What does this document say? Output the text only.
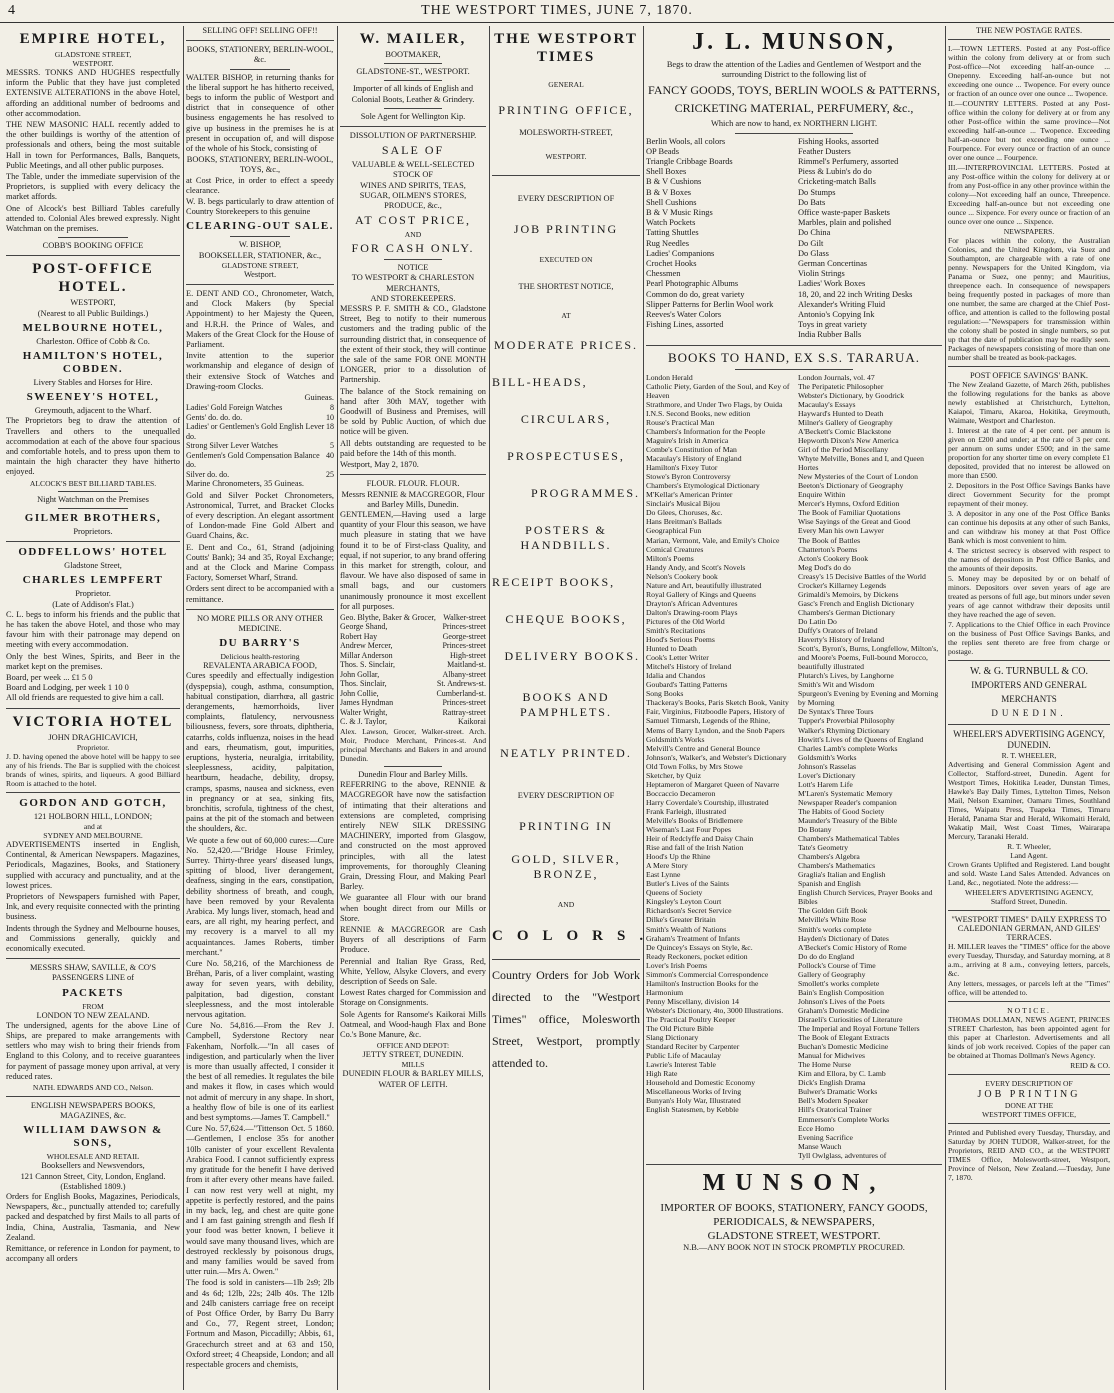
4	THE WESTPORT TIMES, JUNE 7, 1870.
EMPIRE HOTEL,
GLADSTONE STREET,
WESTPORT.
MESSRS. TONKS AND HUGHES respectfully inform the Public that they have just completed EXTENSIVE ALTERATIONS in the above Hotel, affording an additional number of bedrooms and other accommodation.
THE NEW MASONIC HALL recently added to the other buildings is worthy of the attention of professionals and others, being the most suitable Hall in town for Performances, Balls, Banquets, Public Meetings, and all other public purposes.
The Table, under the immediate supervision of the Proprietors, is supplied with every delicacy the market affords.
One of Alcock's best Billiard Tables carefully attended to. Colonial Ales brewed expressly. Night Watchman on the premises.
COBB'S BOOKING OFFICE
POST-OFFICE HOTEL.
WESTPORT,
(Nearest to all Public Buildings.)
MELBOURNE HOTEL,
Charleston. Office of Cobb & Co.
HAMILTON'S HOTEL, COBDEN.
Livery Stables and Horses for Hire.
SWEENEY'S HOTEL,
Greymouth, adjacent to the Wharf.
The Proprietors beg to draw the attention of Travellers and others to the unequalled accommodation at each of the above four spacious and comfortable hotels, and to press upon them to maintain the high character they have hitherto enjoyed.
ALCOCK'S BEST BILLIARD TABLES.
Night Watchman on the Premises
GILMER BROTHERS,
Proprietors.
ODDFELLOWS' HOTEL
Gladstone Street,
CHARLES LEMPFERT
Proprietor.
(Late of Addison's Flat.)
C. L. begs to inform his friends and the public that he has taken the above Hotel, and those who may favour him with their patronage may depend on meeting with every accommodation.
Only the best Wines, Spirits, and Beer in the market kept on the premises.
Board, per week ... £1 5 0
Board and Lodging, per week 1 10 0
All old friends are requested to give him a call.
VICTORIA HOTEL
JOHN DRAGHICAVICH,
Proprietor.
J. D. having opened the above hotel will be happy to see any of his friends. The Bar is supplied with the choicest brands of wines, spirits, and liqueurs. A good Billiard Room is attached to the hotel.
GORDON AND GOTCH,
121 HOLBORN HILL, LONDON;
and at
SYDNEY AND MELBOURNE.
ADVERTISEMENTS inserted in English, Continental, & American Newspapers. Magazines, Periodicals, Magazines, Books, and Stationery supplied with accuracy and punctuality, and at the lowest prices.
Proprietors of Newspapers furnished with Paper, Ink, and every requisite connected with the printing business.
Indents through the Sydney and Melbourne houses, and Commissions generally, quickly and economically executed.
MESSRS SHAW, SAVILLE, & CO'S PASSENGERS LINE of
PACKETS
FROM
LONDON TO NEW ZEALAND.
The undersigned, agents for the above Line of Ships, are prepared to make arrangements with settlers who may wish to bring their friends from England to this Colony, and to receive guarantees for payment of passage money upon arrival, at very reduced rates.
NATH. EDWARDS AND CO., Nelson.
ENGLISH NEWSPAPERS BOOKS, MAGAZINES, &c.
WILLIAM DAWSON & SONS,
WHOLESALE AND RETAIL
Booksellers and Newsvendors,
121 Cannon Street, City, London, England.
(Established 1809.)
Orders for English Books, Magazines, Periodicals, Newspapers, &c., punctually attended to; carefully packed and despatched by first Mails to all parts of India, China, Australia, Tasmania, and New Zealand.
Remittance, or reference in London for payment, to accompany all orders
SELLING OFF! SELLING OFF!!
BOOKS, STATIONERY, BERLIN-WOOL, &c.
WALTER BISHOP, in returning thanks for the liberal support he has hitherto received, begs to inform the public of Westport and district that in consequence of other business engagements he has resolved to give up business in the premises he is at present in occupation of, and will dispose of the whole of his Stock, consisting of
BOOKS, STATIONERY, BERLIN-WOOL, TOYS, &c.,
at Cost Price, in order to effect a speedy clearance.
W. B. begs particularly to draw attention of Country Storekeepers to this genuine
CLEARING-OUT SALE.
W. BISHOP,
BOOKSELLER, STATIONER, &c.,
GLADSTONE STREET,
Westport.
E. DENT AND CO., Chronometer, Watch, and Clock Makers (by Special Appointment) to her Majesty the Queen, and H.R.H. the Prince of Wales, and Makers of the Great Clock for the House of Parliament.
Invite attention to the superior workmanship and elegance of design of their extensive Stock of Watches and Drawing-room Clocks.
Guineas.
Ladies' Gold Foreign Watches	8
Gents' do. do. do.	10
Ladies' or Gentlemen's Gold English Lever do.	18
Strong Silver Lever Watches	5
Gentlemen's Gold Compensation Balance do.	40
Silver do. do.	25
Marine Chronometers, 35 Guineas.
Gold and Silver Pocket Chronometers, Astronomical, Turret, and Bracket Clocks of every description. An elegant assortment of London-made Fine Gold Albert and Guard Chains, &c.
E. Dent and Co., 61, Strand (adjoining Coutts' Bank); 34 and 35, Royal Exchange; and at the Clock and Marine Compass Factory, Somerset Wharf, Strand.
Orders sent direct to be accompanied with a remittance.
NO MORE PILLS OR ANY OTHER MEDICINE.
DU BARRY'S
Delicious health-restoring
REVALENTA ARABICA FOOD,
Cures speedily and effectually indigestion (dyspepsia), cough, asthma, consumption, habitual constipation, diarrhœa, all gastric derangements, hæmorrhoids, liver complaints, flatulency, nervousness biliousness, fevers, sore throats, diphtheria, catarrhs, colds influenza, noises in the head and ears, rheumatism, gout, impurities, eruptions, hysteria, neuralgia, irritability, sleeplessness, acidity, palpitation, heartburn, headache, debility, dropsy, cramps, spasms, nausea and sickness, even in pregnancy or at sea, sinking fits, bronchitis, scrofula, tightness of the chest, pains at the pit of the stomach and between the shoulders, &c.
We quote a few out of 60,000 cures:—Cure No. 52,420.—"Bridge House Frimley, Surrey. Thirty-three years' diseased lungs, spitting of blood, liver derangement, deafness, singing in the ears, constipation, debility shortness of breath, and cough, have been removed by your Revalenta Arabica. My lungs liver, stomach, head and ears, are all right, my hearing perfect, and my recovery is a marvel to all my acquaintances. James Roberts, timber merchant."
Cure No. 58,216, of the Marchioness de Bréhan, Paris, of a liver complaint, wasting away for seven years, with debility, palpitation, bad digestion, constant sleeplessness, and the most intolerable nervous agitation.
Cure No. 54,816.—From the Rev J. Campbell, Syderstone Rectory near Fakenham, Norfolk.—"In all cases of indigestion, and particularly when the liver is more than usually affected, I consider it the best of all remedies. It regulates the bile and makes it flow, in cases which would not admit of mercury in any shape. In short, a healthy flow of bile is one of its earliest and best symptoms.—James T. Campbell."
Cure No. 57,624.—"Tittenson Oct. 5 1860.—Gentlemen, I enclose 35s for another 10lb canister of your excellent Revalenta Arabica Food. I cannot sufficiently express my gratitude for the benefit I have derived from it after every other means have failed. I can now rest very well at night, my appetite is perfectly restored, and the pains in my back, leg, and chest are quite gone and I am fast gaining strength and flesh If your food was better known, I believe it would save many thousand lives, which are destroyed recklessly by poisonous drugs, and many families would be saved from utter ruin.—Mrs A. Owen."
The food is sold in canisters—1lb 2s9; 2lb and 4s 6d; 12lb, 22s; 24lb 40s. The 12lb and 24lb canisters carriage free on receipt of Post Office Order, by Barry Du Barry and Co., 77, Regent street, London; Fortnum and Mason, Piccadilly; Abbis, 61, Gracechurch street and at 63 and 150, Oxford street; 4 Cheapside, London; and all respectable grocers and chemists,
W. MAILER,
BOOTMAKER,
GLADSTONE-ST., WESTPORT.
Importer of all kinds of English and
Colonial Boots, Leather & Grindery.
Sole Agent for Wellington Kip.
DISSOLUTION OF PARTNERSHIP.
SALE OF
VALUABLE & WELL-SELECTED
STOCK OF
WINES AND SPIRITS, TEAS,
SUGAR, OILMEN'S STORES,
PRODUCE, &c.,
AT COST PRICE,
AND
FOR CASH ONLY.
NOTICE
TO WESTPORT & CHARLESTON
MERCHANTS,
AND STOREKEEPERS.
MESSRS P. F. SMITH & CO., Gladstone Street, Beg to notify to their numerous customers and the trading public of the surrounding district that, in consequence of the extent of their stock, they will continue the sale of the same FOR ONE MONTH LONGER, prior to a dissolution of Partnership.
The balance of the Stock remaining on hand after 30th MAY, together with Goodwill of Business and Premises, will be sold by Public Auction, of which due notice will be given.
All debts outstanding are requested to be paid before the 14th of this month.
Westport, May 2, 1870.
FLOUR. FLOUR. FLOUR.
Messrs RENNIE & MACGREGOR, Flour and Barley Mills, Dunedin.
GENTLEMEN,—Having used a large quantity of your Flour this season, we have much pleasure in stating that we have found it to be of First-class Quality, and equal, if not superior, to any brand offering in this market for strength, colour, and flavour. We have also disposed of same in small bags, and our customers unanimously pronounce it most excellent for all purposes.
Geo. Blythe, Baker & Grocer,	Walker-street
George Shand,	Princes-street
Robert Hay	George-street
Andrew Mercer,	Princes-street
Millar Anderson	High-street
Thos. S. Sinclair,	Maitland-st.
John Gollar,	Albany-street
Thos. Sinclair,	St. Andrews-st.
John Collie,	Cumberland-st.
James Hyndman	Princes-street
Walter Wright,	Rattray-street
C. & J. Taylor,	Kaikorai
Alex. Lawson, Grocer, Walker-street. Arch. Moir, Produce Merchant, Princes-st. And principal Merchants and Bakers in and around Dunedin.
Dunedin Flour and Barley Mills.
REFERRING to the above, RENNIE & MACGREGOR have now the satisfaction of intimating that their alterations and extensions are completed, comprising entirely NEW SILK DRESSING MACHINERY, imported from Glasgow, and constructed on the most approved principles, with all the latest improvements, for thoroughly Cleaning Grain, Dressing Flour, and Making Pearl Barley.
We guarantee all Flour with our brand when bought direct from our Mills or Store.
RENNIE & MACGREGOR are Cash Buyers of all descriptions of Farm Produce.
Perennial and Italian Rye Grass, Red, White, Yellow, Alsyke Clovers, and every description of Seeds on Sale.
Lowest Rates charged for Commission and Storage on Consignments.
Sole Agents for Ransome's Kaikorai Mills Oatmeal, and Wood-haugh Flax and Bone Co.'s Bone Manure, &c.
OFFICE AND DEPOT:
JETTY STREET, DUNEDIN.
MILLS
DUNEDIN FLOUR & BARLEY MILLS,
WATER OF LEITH.
THE WESTPORT TIMES
GENERAL
PRINTING OFFICE,
MOLESWORTH-STREET,
WESTPORT.
EVERY DESCRIPTION OF
JOB PRINTING
EXECUTED ON
THE SHORTEST NOTICE,
AT
MODERATE PRICES.
BILL-HEADS,
CIRCULARS,
PROSPECTUSES,
PROGRAMMES.
POSTERS & HANDBILLS.
RECEIPT BOOKS,
CHEQUE BOOKS,
DELIVERY BOOKS.
BOOKS AND PAMPHLETS.
NEATLY PRINTED.
EVERY DESCRIPTION OF
PRINTING IN
GOLD, SILVER, BRONZE,
AND
COLORS.
Country Orders for Job Work directed to the "Westport Times" office, Molesworth Street, Westport, promptly attended to.
J. L. MUNSON,
Begs to draw the attention of the Ladies and Gentlemen of Westport and the surrounding District to the following list of
FANCY GOODS, TOYS, BERLIN WOOLS & PATTERNS,
CRICKETING MATERIAL, PERFUMERY, &c.,
Which are now to hand, ex NORTHERN LIGHT.
Berlin Wools, all colors
OP Beads
Triangle Cribbage Boards
Shell Boxes
B & V Cushions
B & V Boxes
Shell Cushions
B & V Music Rings
Watch Pockets
Tatting Shuttles
Rug Needles
Ladies' Companions
Crochet Hooks
Chessmen
Pearl Photographic Albums
Common do do, great variety
Slipper Patterns for Berlin Wool work
Reeves's Water Colors
Fishing Lines, assorted
Fishing Hooks, assorted
Feather Dusters
Rimmel's Perfumery, assorted
Piess & Lubin's do do
Cricketing-match Balls
Do Stumps
Do Bats
Office waste-paper Baskets
Marbles, plain and polished
Do China
Do Gilt
Do Glass
German Concertinas
Violin Strings
Ladies' Work Boxes
18, 20, and 22 inch Writing Desks
Alexander's Writing Fluid
Antonio's Copying Ink
Toys in great variety
India Rubber Balls
BOOKS TO HAND, EX S.S. TARARUA.
London Herald
Catholic Piety, Garden of the Soul, and Key of Heaven
Strathmore, and Under Two Flags, by Ouida
I.N.S. Second Books, new edition
Rouse's Practical Man
Chambers's Information for the People
Maguire's Irish in America
Combe's Constitution of Man
Macaulay's History of England
Hamilton's Fixey Tutor
Stowe's Byron Controversy
Chambers's Etymological Dictionary
M'Kellar's American Printer
Sinclair's Musical Bijou
Do Glees, Choruses, &c.
Hans Breitman's Ballads
Geographical Fun
Marian, Vermont, Vale, and Emily's Choice
Comical Creatures
Milton's Poems
Handy Andy, and Scott's Novels
Nelson's Cookery book
Nature and Art, beautifully illustrated
Royal Gallery of Kings and Queens
Drayton's African Adventures
Dalton's Drawing-room Plays
Pictures of the Old World
Smith's Recitations
Hood's Serious Poems
Hunted to Death
Cook's Letter Writer
Mitchel's History of Ireland
Idalia and Chandos
Goubard's Tatting Patterns
Song Books
Thackeray's Books, Paris Sketch Book, Vanity Fair, Virginius, Fitzboodle Papers, History of Samuel Titmarsh, Legends of the Rhine, Mems of Barry Lyndon, and the Snob Papers
Goldsmith's Works
Melvill's Centre and General Bounce
Johnson's, Walker's, and Webster's Dictionary
Old Town Folks, by Mrs Stowe
Sketcher, by Quiz
Heptameron of Margaret Queen of Navarre
Boccaccio Decameron
Harry Coverdale's Courtship, illustrated
Frank Farleigh, illustrated
Melville's Books of Bridlemere
Wiseman's Last Four Popes
Heir of Redclyffe and Daisy Chain
Rise and fall of the Irish Nation
Hood's Up the Rhine
A Mere Story
East Lynne
Butler's Lives of the Saints
Queens of Society
Kingsley's Leyton Court
Richardson's Secret Service
Dilke's Greater Britain
Smith's Wealth of Nations
Graham's Treatment of Infants
De Quincey's Essays on Style, &c.
Ready Reckoners, pocket edition
Lover's Irish Poems
Simmon's Commercial Correspondence
Hamilton's Instruction Books for the Harmonium
Penny Miscellany, division 14
Webster's Dictionary, 4to, 3000 Illustrations.
The Practical Poultry Keeper
The Old Picture Bible
Slang Dictionary
Standard Reciter by Carpenter
Public Life of Macaulay
Lawrie's Interest Table
High Rate
Household and Domestic Economy
Miscellaneous Works of Irving
Bunyan's Holy War, Illustrated
English Statesmen, by Kebble
London Journals, vol. 47
The Peripatetic Philosopher
Webster's Dictionary, by Goodrick
Macaulay's Essays
Hayward's Hunted to Death
Milner's Gallery of Geography
A'Beckett's Comic Blackstone
Hepworth Dixon's New America
Girl of the Period Miscellany
Whyte Melville, Bones and I, and Queen Hortes
New Mysteries of the Court of London
Beeton's Dictionary of Geography
Enquire Within
Mercer's Hymns, Oxford Edition
The Book of Familiar Quotations
Wise Sayings of the Great and Good
Every Man his own Lawyer
The Book of Battles
Chatterton's Poems
Acton's Cookery Book
Meg Dod's do do
Creasy's 15 Decisive Battles of the World
Crocker's Killarney Legends
Grimaldi's Memoirs, by Dickens
Gasc's French and English Dictionary
Chambers's German Dictionary
Do Latin Do
Duffy's Orators of Ireland
Haverty's History of Ireland
Scott's, Byron's, Burns, Longfellow, Milton's, and Moore's Poems, Full-bound Morocco, beautifully illustrated
Plutarch's Lives, by Langhorne
Smith's Wit and Wisdom
Spurgeon's Evening by Evening and Morning by Morning
De Syntax's Three Tours
Tupper's Proverbial Philosophy
Walker's Rhyming Dictionary
Howitt's Lives of the Queens of England
Charles Lamb's complete Works
Goldsmith's Works
Johnson's Rasselas
Lover's Dictionary
Lott's Harem Life
M'Laren's Systematic Memory
Newspaper Reader's companion
The Habits of Good Society
Maunder's Treasury of the Bible
Do Botany
Chambers's Mathematical Tables
Tate's Geometry
Chambers's Algebra
Chambers's Mathematics
Graglia's Italian and English
Spanish and English
English Church Services, Prayer Books and Bibles
The Golden Gift Book
Melville's White Rose
Smith's works complete
Hayden's Dictionary of Dates
A'Becket's Comic History of Rome
Do do do England
Pollock's Course of Time
Gallery of Geography
Smollett's works complete
Bain's English Composition
Johnson's Lives of the Poets
Graham's Domestic Medicine
Disraeli's Curiosities of Literature
The Imperial and Royal Fortune Tellers
The Book of Elegant Extracts
Buchan's Domestic Medicine
Manual for Midwives
The Home Nurse
Kim and Ellora, by C. Lamb
Dick's English Drama
Bulwer's Dramatic Works
Bell's Modern Speaker
Hill's Oratorical Trainer
Emmerson's Complete Works
Ecce Homo
Evening Sacrifice
Manse Wauch
Tyll Owlglass, adventures of
MUNSON,
IMPORTER OF BOOKS, STATIONERY, FANCY GOODS,
PERIODICALS, & NEWSPAPERS,
GLADSTONE STREET, WESTPORT.
N.B.—ANY BOOK NOT IN STOCK PROMPTLY PROCURED.
THE NEW POSTAGE RATES.
I.—TOWN LETTERS. Posted at any Post-office within the colony from delivery at or from such Post-office—Not exceeding half-an-ounce ... Onepenny. Exceeding half-an-ounce but not exceeding one ounce ... Twopence. For every ounce or fraction of an ounce over one ounce ... Twopence.
II.—COUNTRY LETTERS. Posted at any Post-office within the colony for delivery at or from any other Post-office within the same province—Not exceeding half-an-ounce ... Twopence. Exceeding half-an-ounce but not exceeding one ounce ... Fourpence. For every ounce or fraction of an ounce over one ounce ... Fourpence.
III.—INTERPROVINCIAL LETTERS. Posted at any Post-office within the colony for delivery at or from any Post-office in any other province within the colony—Not exceeding half an ounce, Threepence. Exceeding half-an-ounce but not exceeding one ounce ... Sixpence. For every ounce or fraction of an ounce over one ounce ... Sixpence.
NEWSPAPERS.
For places within the colony, the Australian Colonies, and the United Kingdom, via Suez and Southampton, are chargeable with a rate of one penny. Newspapers for the United Kingdom, via Panama or Suez, one penny; and Mauritius, threepence each. In consequence of newspapers being frequently posted in packages of more than one number, the same are charged at the Chief Post-office, and attention is called to the following postal regulation:—"Newspapers for transmission within the colony shall be posted in single numbers, so put up that the date of publication may be readily seen. Packages of newspapers consisting of more than one number shall be treated as book-packages.
POST OFFICE SAVINGS' BANK.
The New Zealand Gazette, of March 26th, publishes the following regulations for the banks as above newly established at Christchurch, Lyttelton, Kaiapoi, Timaru, Akaroa, Hokitika, Greymouth, Waimate, Westport and Charleston.
1. Interest at the rate of 4 per cent. per annum is given on £200 and under; at the rate of 3 per cent. per annum on sums under £500; and in the same proportion for any shorter time on every complete £1 deposited, provided that no interest be allowed on more than £500.
2. Depositors in the Post Office Savings Banks have direct Government Security for the prompt repayment of their money.
3. A depositor in any one of the Post Office Banks can continue his deposits at any other of such Banks, and can withdraw his money at that Post Office Bank which is most convenient to him.
4. The strictest secrecy is observed with respect to the names of depositors in Post Office Banks, and the amounts of their deposits.
5. Money may be deposited by or on behalf of minors. Depositors over seven years of age are treated as persons of full age, but minors under seven years of age cannot withdraw their deposits until they have reached the age of seven.
7. Applications to the Chief Office in each Province on the business of Post Office Savings Banks, and the replies sent thereto are free from charge or postage.
W. & G. TURNBULL & CO.
IMPORTERS AND GENERAL
MERCHANTS
DUNEDIN.
WHEELER'S ADVERTISING AGENCY, DUNEDIN.
R. T. WHEELER,
Advertising and General Commission Agent and Collector, Stafford-street, Dunedin. Agent for Westport Times, Hokitika Leader, Dunstan Times, Hawke's Bay Daily Times, Lyttelton Times, Nelson Mail, Nelson Examiner, Oamaru Times, Southland Times, Waipatu Press, Tuapeka Times, Timaru Herald, Panama Star and Herald, Wikomaiti Herald, Wakatip Mail, West Coast Times, Wairarapa Mercury, Taranaki Herald.
R. T. Wheeler,
Land Agent.
Crown Grants Uplifted and Registered. Land bought and sold. Waste Land Sales Attended. Advances on Land, &c., negotiated. Note the address:—
WHEELER'S ADVERTISING AGENCY,
Stafford Street, Dunedin.
"WESTPORT TIMES" DAILY EXPRESS TO CALEDONIAN GERMAN, AND GILES' TERRACES.
H. MILLER leaves the "TIMES" office for the above every Tuesday, Thursday, and Saturday morning, at 8 a.m., arriving at 8 a.m., conveying letters, parcels, &c.
Any letters, messages, or parcels left at the "Times" office, will be attended to.
NOTICE.
THOMAS DOLLMAN, NEWS AGENT, PRINCES STREET Charleston, has been appointed agent for this paper at Charleston. Advertisements and all kinds of job work received. Copies of the paper can be obtained at Thomas Dollman's News Agency.
REID & CO.
EVERY DESCRIPTION OF
JOB PRINTING
DONE AT THE
WESTPORT TIMES OFFICE,
Printed and Published every Tuesday, Thursday, and Saturday by JOHN TUDOR, Walker-street, for the Proprietors, REID AND CO., at the WESTPORT TIMES Office, Molesworth-street, Westport, Province of Nelson, New Zealand.—Tuesday, June 7, 1870.
